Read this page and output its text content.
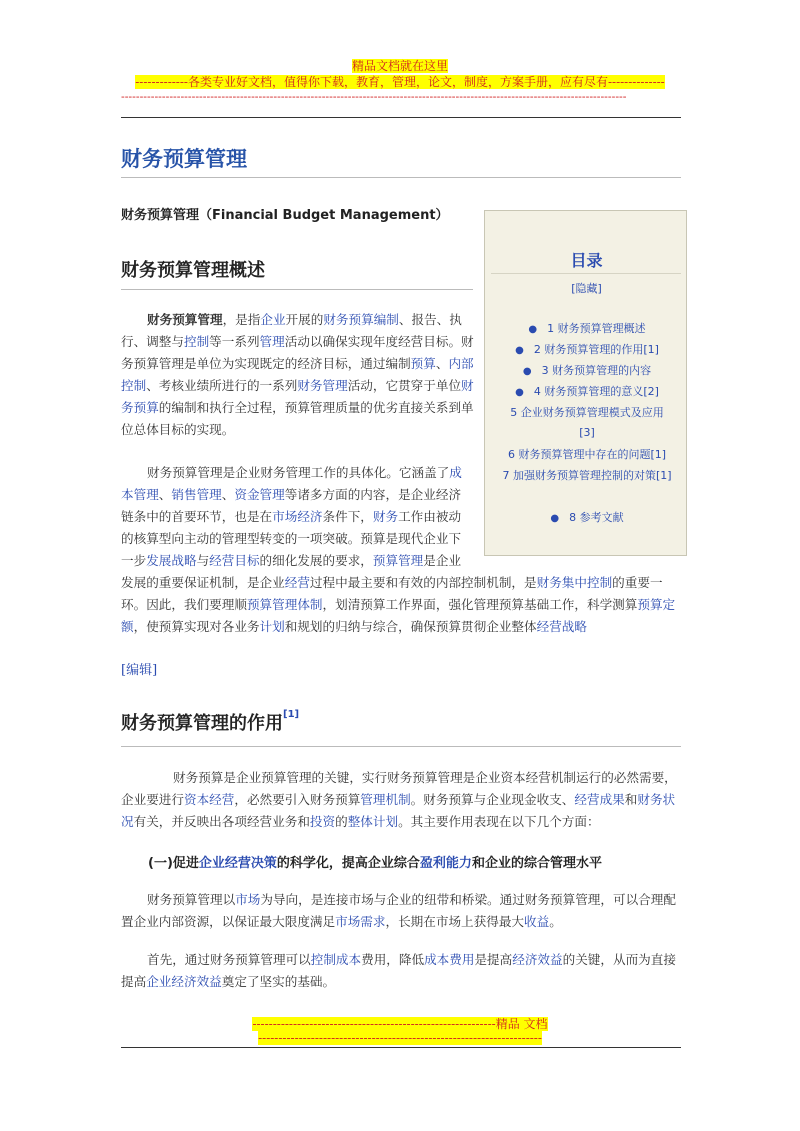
精品文档就在这里
-------------各类专业好文档，值得你下载，教育，管理，论文，制度，方案手册，应有尽有--------------
----------------------------------------------------------------------------------------------------------------------------------------
财务预算管理
财务预算管理（Financial Budget Management）
财务预算管理概述
财务预算管理，是指企业开展的财务预算编制、报告、执行、调整与控制等一系列管理活动以确保实现年度经营目标。财务预算管理是单位为实现既定的经济目标，通过编制预算、内部控制、考核业绩所进行的一系列财务管理活动，它贯穿于单位财务预算的编制和执行全过程，预算管理质量的优劣直接关系到单位总体目标的实现。
财务预算管理是企业财务管理工作的具体化。它涵盖了成本管理、销售管理、资金管理等诸多方面的内容，是企业经济链条中的首要环节，也是在市场经济条件下，财务工作由被动的核算型向主动的管理型转变的一项突破。预算是现代企业下一步发展战略与经营目标的细化发展的要求，预算管理是企业发展的重要保证机制，是企业经营过程中最主要和有效的内部控制机制，是财务集中控制的重要一环。因此，我们要理顺预算管理体制，划清预算工作界面，强化管理预算基础工作，科学测算预算定额，使预算实现对各业务计划和规划的归纳与综合，确保预算贯彻企业整体经营战略
目录
[隐藏]
● 1 财务预算管理概述
● 2 财务预算管理的作用[1]
● 3 财务预算管理的内容
● 4 财务预算管理的意义[2]
5 企业财务预算管理模式及应用[3]
6 财务预算管理中存在的问题[1]
7 加强财务预算管理控制的对策[1]
● 8 参考文献
[编辑]
财务预算管理的作用[1]
财务预算是企业预算管理的关键，实行财务预算管理是企业资本经营机制运行的必然需要，企业要进行资本经营，必然要引入财务预算管理机制。财务预算与企业现金收支、经营成果和财务状况有关，并反映出各项经营业务和投资的整体计划。其主要作用表现在以下几个方面：
(一)促进企业经营决策的科学化，提高企业综合盈利能力和企业的综合管理水平
财务预算管理以市场为导向，是连接市场与企业的纽带和桥梁。通过财务预算管理，可以合理配置企业内部资源，以保证最大限度满足市场需求，长期在市场上获得最大收益。
首先，通过财务预算管理可以控制成本费用，降低成本费用是提高经济效益的关键，从而为直接提高企业经济效益奠定了坚实的基础。
------------------------------------------------------------精品 文档
----------------------------------------------------------------------
